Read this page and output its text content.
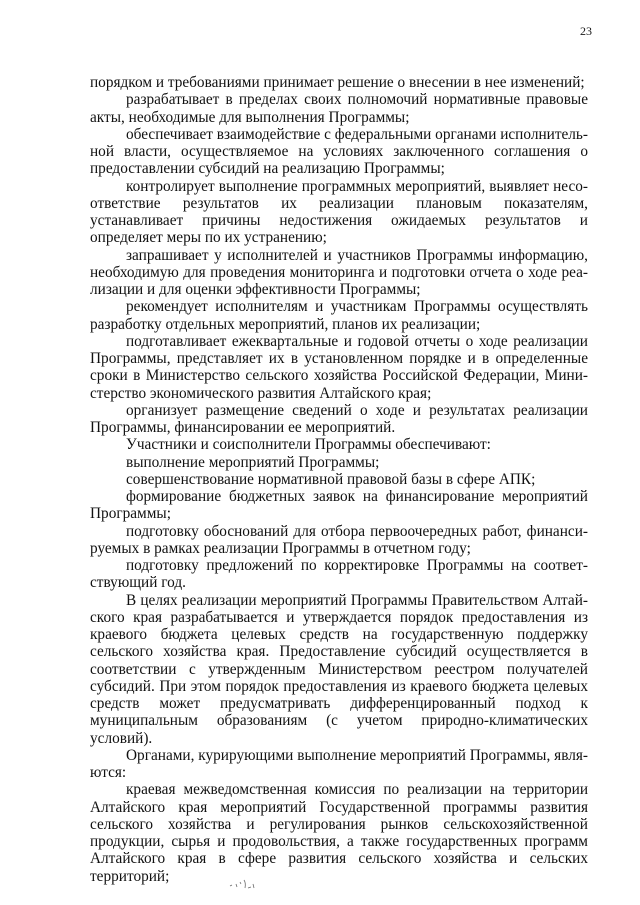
23

порядком и требованиями принимает решение о внесении в нее изменений;

разрабатывает в пределах своих полномочий нормативные правовые акты, необходимые для выполнения Программы;

обеспечивает взаимодействие с федеральными органами исполнительной власти, осуществляемое на условиях заключенного соглашения о предоставлении субсидий на реализацию Программы;

контролирует выполнение программных мероприятий, выявляет несоответствие результатов их реализации плановым показателям, устанавливает причины недостижения ожидаемых результатов и определяет меры по их устранению;

запрашивает у исполнителей и участников Программы информацию, необходимую для проведения мониторинга и подготовки отчета о ходе реализации и для оценки эффективности Программы;

рекомендует исполнителям и участникам Программы осуществлять разработку отдельных мероприятий, планов их реализации;

подготавливает ежеквартальные и годовой отчеты о ходе реализации Программы, представляет их в установленном порядке и в определенные сроки в Министерство сельского хозяйства Российской Федерации, Министерство экономического развития Алтайского края;

организует размещение сведений о ходе и результатах реализации Программы, финансировании ее мероприятий.

Участники и соисполнители Программы обеспечивают:

выполнение мероприятий Программы;

совершенствование нормативной правовой базы в сфере АПК;

формирование бюджетных заявок на финансирование мероприятий Программы;

подготовку обоснований для отбора первоочередных работ, финансируемых в рамках реализации Программы в отчетном году;

подготовку предложений по корректировке Программы на соответствующий год.

В целях реализации мероприятий Программы Правительством Алтайского края разрабатывается и утверждается порядок предоставления из краевого бюджета целевых средств на государственную поддержку сельского хозяйства края. Предоставление субсидий осуществляется в соответствии с утвержденным Министерством реестром получателей субсидий. При этом порядок предоставления из краевого бюджета целевых средств может предусматривать дифференцированный подход к муниципальным образованиям (с учетом природно-климатических условий).

Органами, курирующими выполнение мероприятий Программы, являются:

краевая межведомственная комиссия по реализации на территории Алтайского края мероприятий Государственной программы развития сельского хозяйства и регулирования рынков сельскохозяйственной продукции, сырья и продовольствия, а также государственных программ Алтайского края в сфере развития сельского хозяйства и сельских территорий;
